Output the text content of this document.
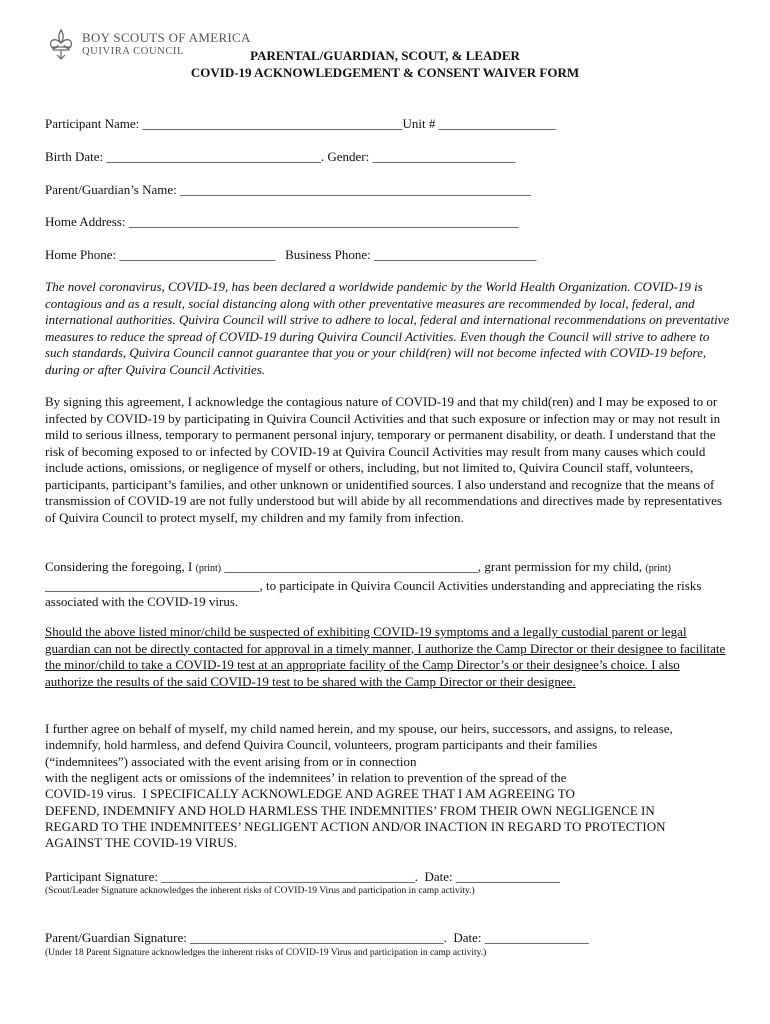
BOY SCOUTS OF AMERICA
QUIVIRA COUNCIL	PARENTAL/GUARDIAN, SCOUT, & LEADER
COVID-19 ACKNOWLEDGEMENT & CONSENT WAIVER FORM
Participant Name: ________________________________________Unit # __________________
Birth Date: _________________________________. Gender: ______________________
Parent/Guardian’s Name: ______________________________________________________
Home Address: ____________________________________________________________
Home Phone: ________________________   Business Phone: _________________________
The novel coronavirus, COVID-19, has been declared a worldwide pandemic by the World Health Organization. COVID-19 is contagious and as a result, social distancing along with other preventative measures are recommended by local, federal, and international authorities. Quivira Council will strive to adhere to local, federal and international recommendations on preventative measures to reduce the spread of COVID-19 during Quivira Council Activities. Even though the Council will strive to adhere to such standards, Quivira Council cannot guarantee that you or your child(ren) will not become infected with COVID-19 before, during or after Quivira Council Activities.
By signing this agreement, I acknowledge the contagious nature of COVID-19 and that my child(ren) and I may be exposed to or infected by COVID-19 by participating in Quivira Council Activities and that such exposure or infection may or may not result in mild to serious illness, temporary to permanent personal injury, temporary or permanent disability, or death. I understand that the risk of becoming exposed to or infected by COVID-19 at Quivira Council Activities may result from many causes which could include actions, omissions, or negligence of myself or others, including, but not limited to, Quivira Council staff, volunteers, participants, participant’s families, and other unknown or unidentified sources. I also understand and recognize that the means of transmission of COVID-19 are not fully understood but will abide by all recommendations and directives made by representatives of Quivira Council to protect myself, my children and my family from infection.
Considering the foregoing, I (print) _______________________________________, grant permission for my child, (print) _________________________________, to participate in Quivira Council Activities understanding and appreciating the risks associated with the COVID-19 virus.
Should the above listed minor/child be suspected of exhibiting COVID-19 symptoms and a legally custodial parent or legal guardian can not be directly contacted for approval in a timely manner, I authorize the Camp Director or their designee to facilitate the minor/child to take a COVID-19 test at an appropriate facility of the Camp Director’s or their designee’s choice. I also authorize the results of the said COVID-19 test to be shared with the Camp Director or their designee.
I further agree on behalf of myself, my child named herein, and my spouse, our heirs, successors, and assigns, to release,
indemnify, hold harmless, and defend Quivira Council, volunteers, program participants and their families
(“indemnitees”) associated with the event arising from or in connection
with the negligent acts or omissions of the indemnitees’ in relation to prevention of the spread of the
COVID-19 virus.  I SPECIFICALLY ACKNOWLEDGE AND AGREE THAT I AM AGREEING TO
DEFEND, INDEMNIFY AND HOLD HARMLESS THE INDEMNITIES’ FROM THEIR OWN NEGLIGENCE IN
REGARD TO THE INDEMNITEES’ NEGLIGENT ACTION AND/OR INACTION IN REGARD TO PROTECTION
AGAINST THE COVID-19 VIRUS.
Participant Signature: _______________________________________.  Date: ________________
(Scout/Leader Signature acknowledges the inherent risks of COVID-19 Virus and participation in camp activity.)
Parent/Guardian Signature: _______________________________________.  Date: ________________
(Under 18 Parent Signature acknowledges the inherent risks of COVID-19 Virus and participation in camp activity.)
